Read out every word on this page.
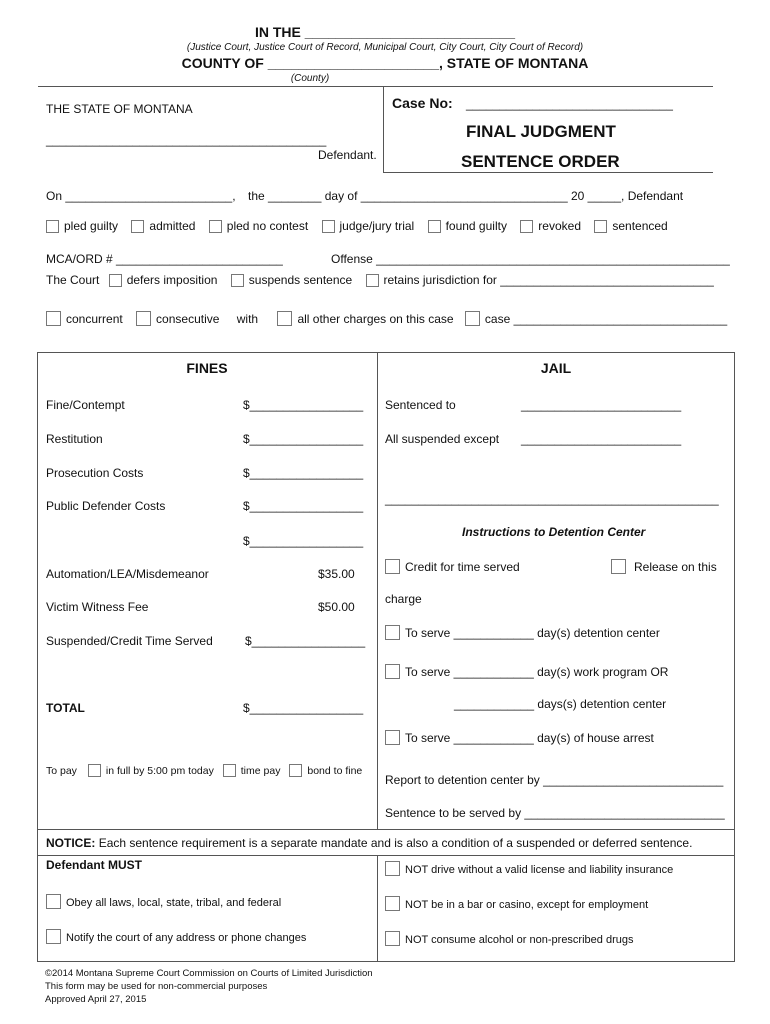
IN THE ___________________________
(Justice Court, Justice Court of Record, Municipal Court, City Court, City Court of Record)
COUNTY OF ______________________, STATE OF MONTANA
(County)
THE STATE OF MONTANA
__________________________________________
Defendant.
Case No: _______________________________
FINAL JUDGMENT
SENTENCE ORDER
On _________________________, the ________ day of _______________________________ 20 _____, Defendant
pled guilty	admitted	pled no contest	judge/jury trial	found guilty	revoked	sentenced
MCA/ORD # _________________________	Offense _____________________________________________________
The Court defers imposition	suspends sentence	retains jurisdiction for ________________________________
concurrent	consecutive with	all other charges on this case	case ________________________________
FINES
Fine/Contempt	$_________________
Restitution	$_________________
Prosecution Costs	$_________________
Public Defender Costs	$_________________
$_________________
Automation/LEA/Misdemeanor	$35.00
Victim Witness Fee	$50.00
Suspended/Credit Time Served	$_________________
TOTAL	$_________________
To pay	in full by 5:00 pm today	time pay	bond to fine
JAIL
Sentenced to	________________________
All suspended except ________________________
__________________________________________________
Instructions to Detention Center
Credit for time served	Release on this
charge
To serve ____________ day(s) detention center
To serve ____________ day(s) work program OR
____________ days(s) detention center
To serve ____________ day(s) of house arrest
Report to detention center by ___________________________
Sentence to be served by ______________________________
NOTICE: Each sentence requirement is a separate mandate and is also a condition of a suspended or deferred sentence.
Defendant MUST
Obey all laws, local, state, tribal, and federal
Notify the court of any address or phone changes
NOT drive without a valid license and liability insurance
NOT be in a bar or casino, except for employment
NOT consume alcohol or non-prescribed drugs
©2014 Montana Supreme Court Commission on Courts of Limited Jurisdiction
This form may be used for non-commercial purposes
Approved April 27, 2015
